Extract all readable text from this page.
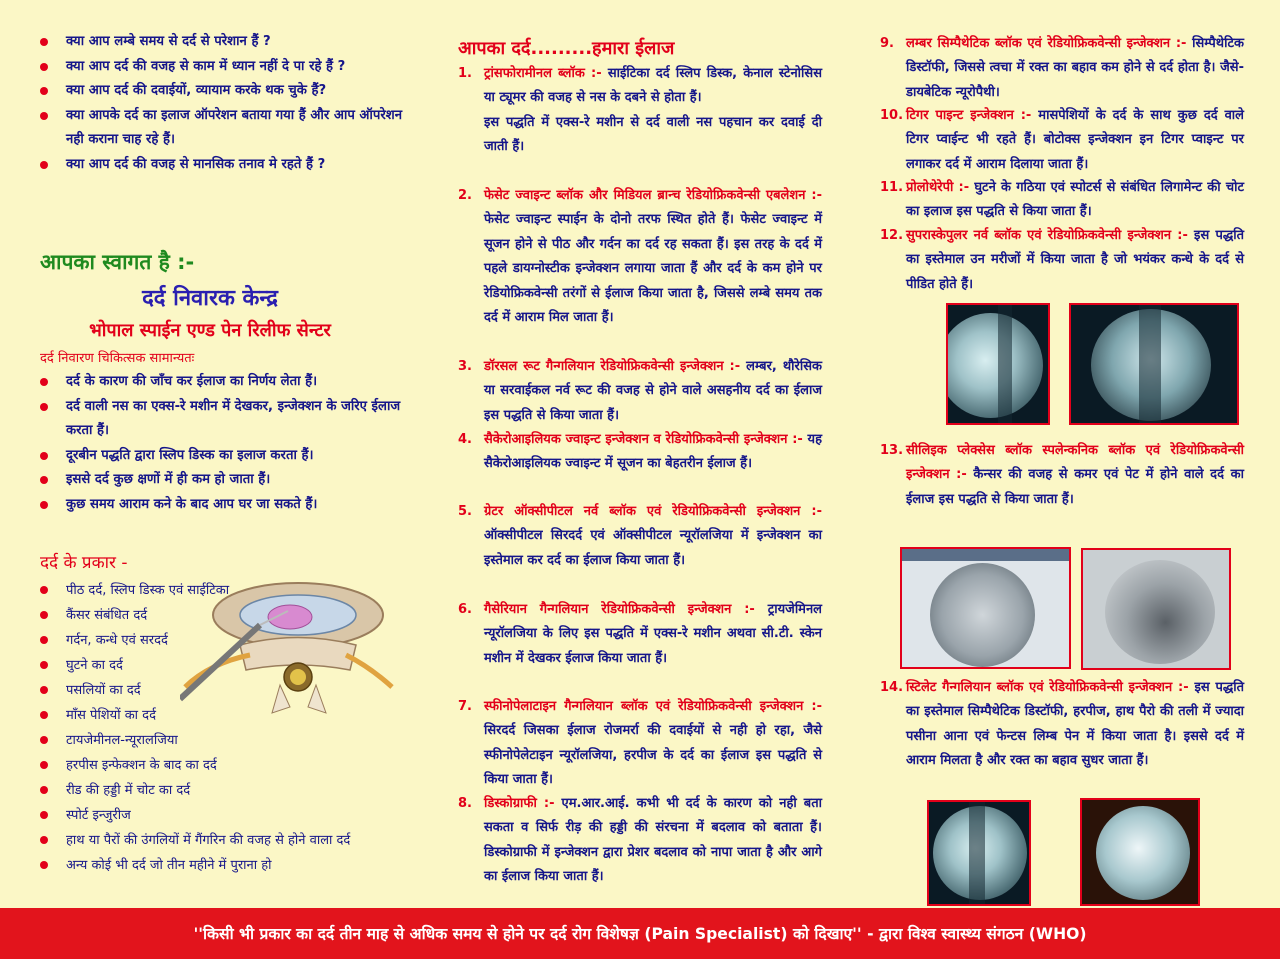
क्या आप लम्बे समय से दर्द से परेशान हैं ?
क्या आप दर्द की वजह से काम में ध्यान नहीं दे पा रहे हैं ?
क्या आप दर्द की दवाईयों, व्यायाम करके थक चुके हैं?
क्या आपके दर्द का इलाज ऑपरेशन बताया गया हैं और आप ऑपरेशन नही कराना चाह रहे हैं।
क्या आप दर्द की वजह से मानसिक तनाव मे रहते हैं ?
आपका स्वागत है :-
दर्द निवारक केन्द्र
भोपाल स्पाईन एण्ड पेन रिलीफ सेन्टर
दर्द निवारण चिकित्सक सामान्यतः
दर्द के कारण की जाँच कर ईलाज का निर्णय लेता हैं।
दर्द वाली नस का एक्स-रे मशीन में देखकर, इन्जेक्शन के जरिए ईलाज करता हैं।
दूरबीन पद्धति द्वारा स्लिप डिस्क का इलाज करता हैं।
इससे दर्द कुछ क्षणों में ही कम हो जाता हैं।
कुछ समय आराम कने के बाद आप घर जा सकते हैं।
दर्द के प्रकार -
पीठ दर्द, स्लिप डिस्क एवं साईटिका
कैंसर संबंधित दर्द
गर्दन, कन्धे एवं सरदर्द
घुटने का दर्द
पसलियों का दर्द
माँस पेशियों का दर्द
टायजेमीनल-न्यूरालजिया
हरपीस इन्फेक्शन के बाद का दर्द
रीड की हड्डी में चोट का दर्द
स्पोर्ट इन्जुरीज
हाथ या पैरों की उंगलियों में गैंगरिन की वजह से होने वाला दर्द
अन्य कोई भी दर्द जो तीन महीने में पुराना हो
आपका दर्द.........हमारा ईलाज
1. ट्रांसफोरामीनल ब्लॉक :- साईटिका दर्द स्लिप डिस्क, केनाल स्टेनोसिस या ट्यूमर की वजह से नस के दबने से होता हैं।
इस पद्धति में एक्स-रे मशीन से दर्द वाली नस पहचान कर दवाई दी जाती हैं।
2. फेसेट ज्वाइन्ट ब्लॉक और मिडियल ब्रान्च रेडियोफ्रिकवेन्सी एबलेशन :- फेसेट ज्वाइन्ट स्पाईन के दोनो तरफ स्थित होते हैं। फेसेट ज्वाइन्ट में सूजन होने से पीठ और गर्दन का दर्द रह सकता हैं। इस तरह के दर्द में पहले डायग्नोस्टीक इन्जेक्शन लगाया जाता हैं और दर्द के कम होने पर रेडियोफ्रिकवेन्सी तरंगों से ईलाज किया जाता है, जिससे लम्बे समय तक दर्द में आराम मिल जाता हैं।
3. डॉरसल रूट गैन्गलियान रेडियोफ्रिकवेन्सी इन्जेक्शन :- लम्बर, थौरेसिक या सरवाईकल नर्व रूट की वजह से होने वाले असहनीय दर्द का ईलाज इस पद्धति से किया जाता हैं।
4. सैकेरोआइलियक ज्वाइन्ट इन्जेक्शन व रेडियोफ्रिकवेन्सी इन्जेक्शन :- यह सैकेरोआइलियक ज्वाइन्ट में सूजन का बेहतरीन ईलाज हैं।
5. ग्रेटर ऑक्सीपीटल नर्व ब्लॉक एवं रेडियोफ्रिकवेन्सी इन्जेक्शन :- ऑक्सीपीटल सिरदर्द एवं ऑक्सीपीटल न्यूरॉलजिया में इन्जेक्शन का इस्तेमाल कर दर्द का ईलाज किया जाता हैं।
6. गैसेरियान गैन्गलियान रेडियोफ्रिकवेन्सी इन्जेक्शन :- ट्रायजेमिनल न्यूरॉलजिया के लिए इस पद्धति में एक्स-रे मशीन अथवा सी.टी. स्केन मशीन में देखकर ईलाज किया जाता हैं।
7. स्फीनोपेलाटाइन गैन्गलियान ब्लॉक एवं रेडियोफ्रिकवेन्सी इन्जेक्शन :- सिरदर्द जिसका ईलाज रोजमर्रा की दवाईयों से नही हो रहा, जैसे स्फीनोपेलेटाइन न्यूरॉलजिया, हरपीज के दर्द का ईलाज इस पद्धति से किया जाता हैं।
8. डिस्कोग्राफी :- एम.आर.आई. कभी भी दर्द के कारण को नही बता सकता व सिर्फ रीड़ की हड्डी की संरचना में बदलाव को बताता हैं। डिस्कोग्राफी में इन्जेक्शन द्वारा प्रेशर बदलाव को नापा जाता है और आगे का ईलाज किया जाता हैं।
9. लम्बर सिम्पैथेटिक ब्लॉक एवं रेडियोफ्रिकवेन्सी इन्जेक्शन :- सिम्पैथेटिक डिस्टॉफी, जिससे त्वचा में रक्त का बहाव कम होने से दर्द होता है। जैसे-डायबेटिक न्यूरोपैथी।
10. टिगर पाइन्ट इन्जेक्शन :- मासपेशियों के दर्द के साथ कुछ दर्द वाले टिगर प्वाईन्ट भी रहते हैं। बोटोक्स इन्जेक्शन इन टिगर प्वाइन्ट पर लगाकर दर्द में आराम दिलाया जाता हैं।
11. प्रोलोथेरेपी :- घुटने के गठिया एवं स्पोटर्स से संबंधित लिगामेन्ट की चोट का इलाज इस पद्धति से किया जाता हैं।
12. सुपरास्केपुलर नर्व ब्लॉक एवं रेडियोफ्रिकवेन्सी इन्जेक्शन :- इस पद्धति का इस्तेमाल उन मरीजों में किया जाता है जो भयंकर कन्धे के दर्द से पीडित होते हैं।
13. सीलिइक प्लेक्सेस ब्लॉक स्पलेन्कनिक ब्लॉक एवं रेडियोफ्रिकवेन्सी इन्जेक्शन :- कैन्सर की वजह से कमर एवं पेट में होने वाले दर्द का ईलाज इस पद्धति से किया जाता हैं।
14. स्टिलेट गैन्गलियान ब्लॉक एवं रेडियोफ्रिकवेन्सी इन्जेक्शन :- इस पद्धति का इस्तेमाल सिम्पैथेटिक डिस्टॉफी, हरपीज, हाथ पैरो की तली में ज्यादा पसीना आना एवं फेन्टस लिम्ब पेन में किया जाता है। इससे दर्द में आराम मिलता है और रक्त का बहाव सुधर जाता हैं।
''किसी भी प्रकार का दर्द तीन माह से अधिक समय से होने पर दर्द रोग विशेषज्ञ (Pain Specialist) को दिखाए'' - द्वारा विश्व स्वास्थ्य संगठन (WHO)
